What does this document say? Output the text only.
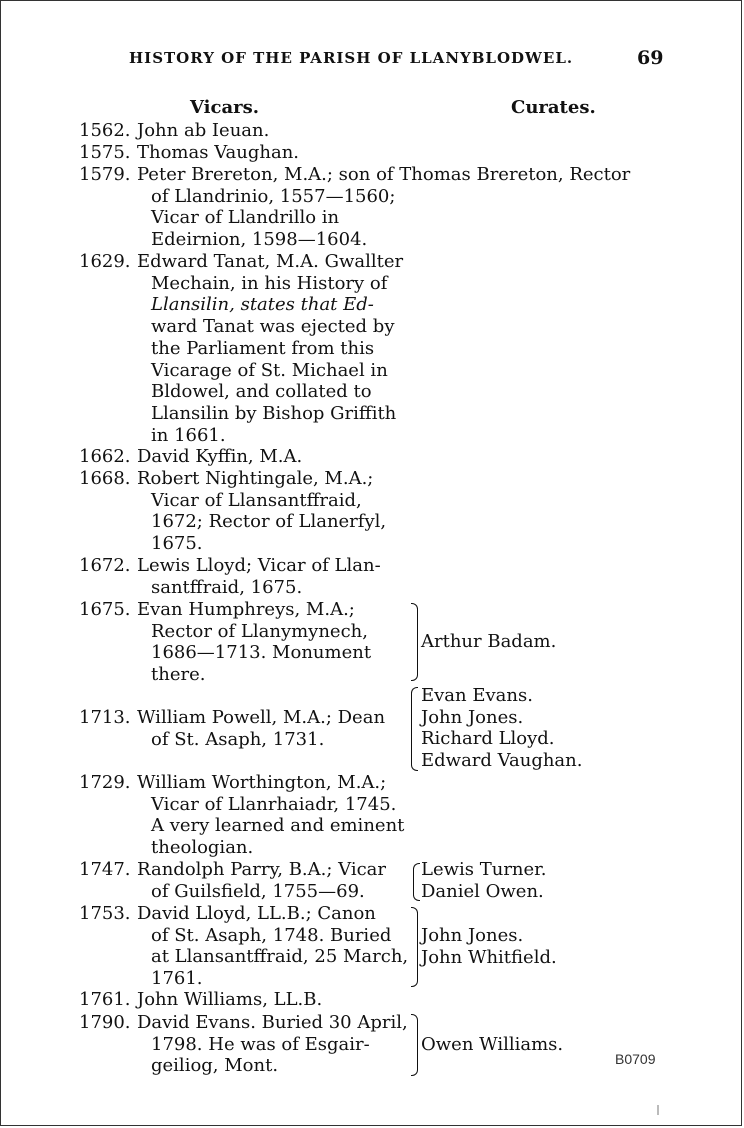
HISTORY OF THE PARISH OF LLANYBLODWEL.	69
Vicars.	Curates.
1562. John ab Ieuan.
1575. Thomas Vaughan.
1579. Peter Brereton, M.A.; son of Thomas Brereton, Rector
of Llandrinio, 1557—1560;
Vicar of Llandrillo in
Edeirnion, 1598—1604.
1629. Edward Tanat, M.A. Gwallter
Mechain, in his History of
Llansilin, states that Ed-
ward Tanat was ejected by
the Parliament from this
Vicarage of St. Michael in
Bldowel, and collated to
Llansilin by Bishop Griffith
in 1661.
1662. David Kyffin, M.A.
1668. Robert Nightingale, M.A.;
Vicar of Llansantffraid,
1672; Rector of Llanerfyl,
1675.
1672. Lewis Lloyd; Vicar of Llan-
santffraid, 1675.
1675. Evan Humphreys, M.A.;
Rector of Llanymynech,
1686—1713. Monument
there.
Arthur Badam.
1713. William Powell, M.A.; Dean
of St. Asaph, 1731.
Evan Evans.
John Jones.
Richard Lloyd.
Edward Vaughan.
1729. William Worthington, M.A.;
Vicar of Llanrhaiadr, 1745.
A very learned and eminent
theologian.
1747. Randolph Parry, B.A.; Vicar
of Guilsfield, 1755—69.
Lewis Turner.
Daniel Owen.
1753. David Lloyd, LL.B.; Canon
of St. Asaph, 1748. Buried
at Llansantffraid, 25 March,
1761.
John Jones.
John Whitfield.
1761. John Williams, LL.B.
1790. David Evans. Buried 30 April,
1798. He was of Esgair-
geiliog, Mont.
Owen Williams.
B0709
